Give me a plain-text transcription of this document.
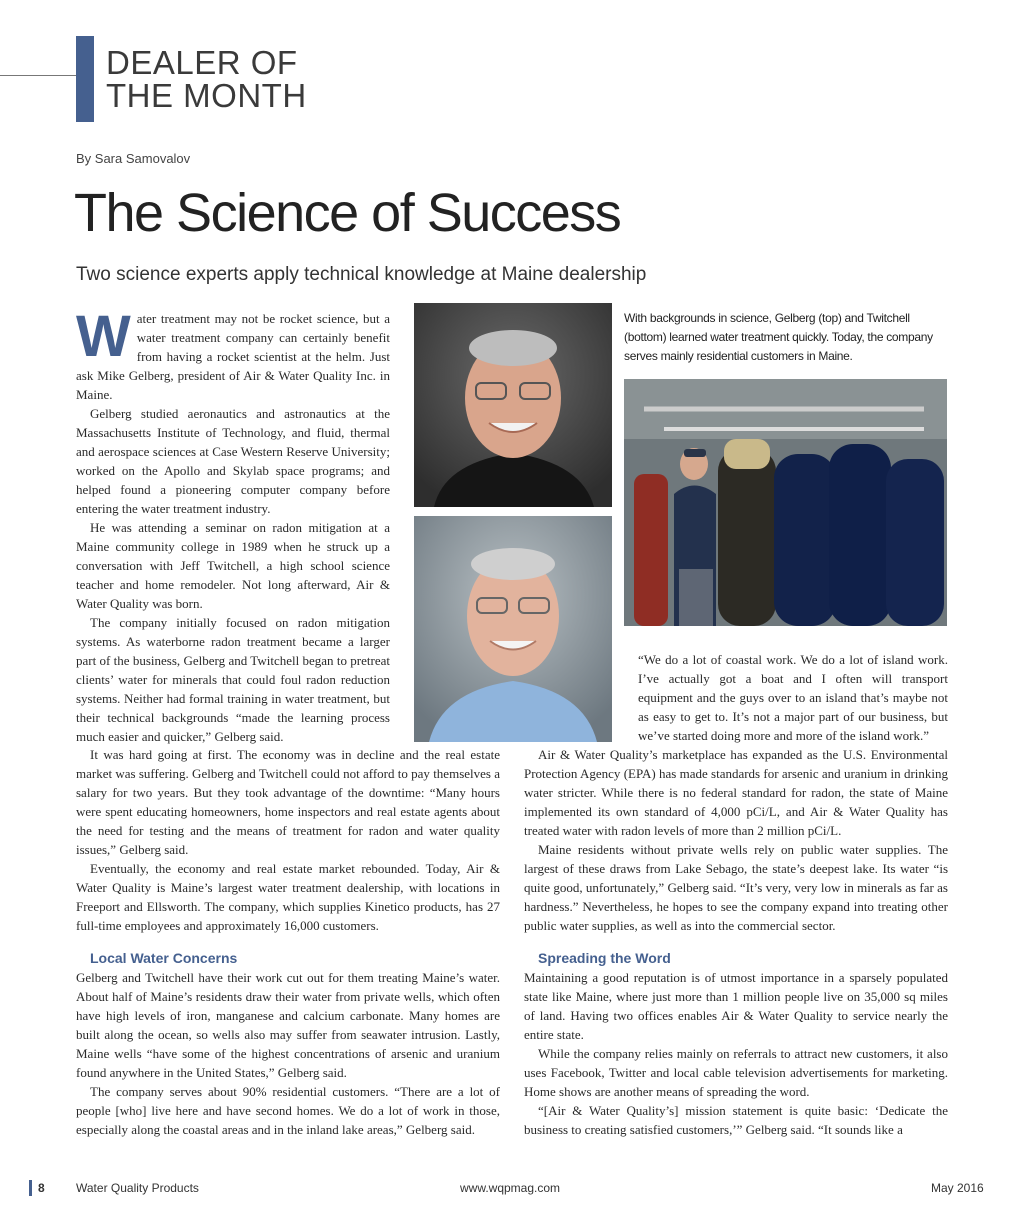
DEALER OF
THE MONTH
By Sara Samovalov
The Science of Success
Two science experts apply technical knowledge at Maine dealership

Water treatment may not be rocket science, but a water treatment company can certainly benefit from having a rocket scientist at the helm. Just ask Mike Gelberg, president of Air & Water Quality Inc. in Maine.

Gelberg studied aeronautics and astronautics at the Massachusetts Institute of Technology, and fluid, thermal and aerospace sciences at Case Western Reserve University; worked on the Apollo and Skylab space programs; and helped found a pioneering computer company before entering the water treatment industry.

He was attending a seminar on radon mitigation at a Maine community college in 1989 when he struck up a conversation with Jeff Twitchell, a high school science teacher and home remodeler. Not long afterward, Air & Water Quality was born.

The company initially focused on radon mitigation systems. As waterborne radon treatment became a larger part of the business, Gelberg and Twitchell began to pretreat clients’ water for minerals that could foul radon reduction systems. Neither had formal training in water treatment, but their technical backgrounds “made the learning process much easier and quicker,” Gelberg said.

With backgrounds in science, Gelberg (top) and Twitchell (bottom) learned water treatment quickly. Today, the company serves mainly residential customers in Maine.

“We do a lot of coastal work. We do a lot of island work. I’ve actually got a boat and I often will transport equipment and the guys over to an island that’s maybe not as easy to get to. It’s not a major part of our business, but we’ve started doing more and more of the island work.”

It was hard going at first. The economy was in decline and the real estate market was suffering. Gelberg and Twitchell could not afford to pay themselves a salary for two years. But they took advantage of the downtime: “Many hours were spent educating homeowners, home inspectors and real estate agents about the need for testing and the means of treatment for radon and water quality issues,” Gelberg said.

Eventually, the economy and real estate market rebounded. Today, Air & Water Quality is Maine’s largest water treatment dealership, with locations in Freeport and Ellsworth. The company, which supplies Kinetico products, has 27 full-time employees and approximately 16,000 customers.

Local Water Concerns

Gelberg and Twitchell have their work cut out for them treating Maine’s water. About half of Maine’s residents draw their water from private wells, which often have high levels of iron, manganese and calcium carbonate. Many homes are built along the ocean, so wells also may suffer from seawater intrusion. Lastly, Maine wells “have some of the highest concentrations of arsenic and uranium found anywhere in the United States,” Gelberg said.

The company serves about 90% residential customers. “There are a lot of people [who] live here and have second homes. We do a lot of work in those, especially along the coastal areas and in the inland lake areas,” Gelberg said.

Air & Water Quality’s marketplace has expanded as the U.S. Environmental Protection Agency (EPA) has made standards for arsenic and uranium in drinking water stricter. While there is no federal standard for radon, the state of Maine implemented its own standard of 4,000 pCi/L, and Air & Water Quality has treated water with radon levels of more than 2 million pCi/L.

Maine residents without private wells rely on public water supplies. The largest of these draws from Lake Sebago, the state’s deepest lake. Its water “is quite good, unfortunately,” Gelberg said. “It’s very, very low in minerals as far as hardness.” Nevertheless, he hopes to see the company expand into treating other public water supplies, as well as into the commercial sector.

Spreading the Word

Maintaining a good reputation is of utmost importance in a sparsely populated state like Maine, where just more than 1 million people live on 35,000 sq miles of land. Having two offices enables Air & Water Quality to service nearly the entire state.

While the company relies mainly on referrals to attract new customers, it also uses Facebook, Twitter and local cable television advertisements for marketing. Home shows are another means of spreading the word.

“[Air & Water Quality’s] mission statement is quite basic: ‘Dedicate the business to creating satisfied customers,’” Gelberg said. “It sounds like a

8	Water Quality Products	www.wqpmag.com	May 2016
